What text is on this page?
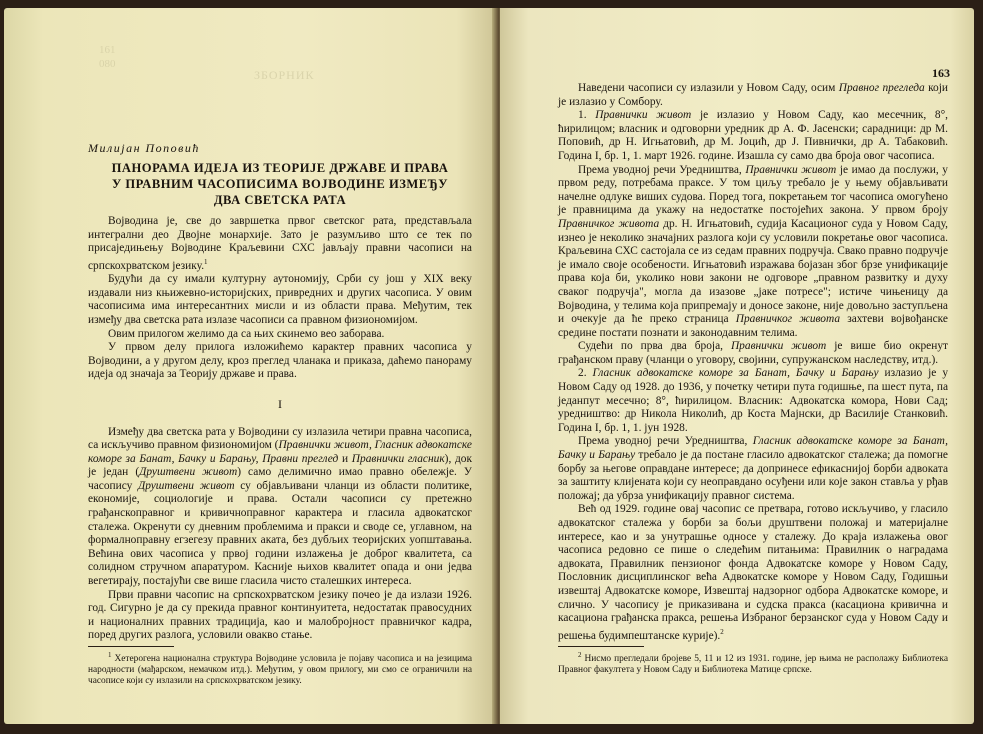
ЗБОРНИК
161
080
Милијан Поповић
ПАНОРАМА ИДЕЈА ИЗ ТЕОРИЈЕ ДРЖАВЕ И ПРАВА
У ПРАВНИМ ЧАСОПИСИМА ВОЈВОДИНЕ ИЗМЕЂУ
ДВА СВЕТСКА РАТА

Војводина је, све до завршетка првог светског рата, представљала интегрални део Двојне монархије. Зато је разумљиво што се тек по присаједињењу Војводине Краљевини СХС јављају правни часописи на српскохрватском језику.$^1$

Будући да су имали културну аутономију, Срби су још у XIX веку издавали низ књижевно-историјских, привредних и других часописа. У овим часописима има интересантних мисли и из области права. Међутим, тек између два светска рата излазе часописи са правном физиономијом.

Овим прилогом желимо да са њих скинемо вео заборава.

У првом делу прилога изложићемо карактер правних часописа у Војводини, а у другом делу, кроз преглед чланака и приказа, дaћемо панораму идеја од значаја за Теорију државе и права.

I

Између два светска рата у Војводини су излазила четири правна часописа, са искључиво правном физиономијом (Правнички живот, Гласник адвокатске коморе за Банат, Бачку и Барању, Правни преглед и Правнички гласник), док је један (Друштвени живот) само делимично имао правно обележје. У часопису Друштвени живот су објављивани чланци из области политике, економије, социологије и права. Остали часописи су претежно грађанскоправног и кривичноправног карактера и гласила адвокатског сталежа. Окренути су дневним проблемима и пракси и своде се, углавном, на формалноправну егзегезу правних аката, без дубљих теоријских уопштавања. Већина ових часописа у првој години излажења је доброг квалитета, са солидном стручном апаратуром. Касније њихов квалитет опада и они једва вегетирају, постајући све више гласила чисто сталешких интереса.

Први правни часопис на српскохрватском језику почео је да излази 1926. год. Сигурно је да су прекида правног континуитета, недостатак правосудних и националних правних традиција, као и малобројност правничког кадра, поред других разлога, условили овакво стање.

$^1$ Хетерогена национална структура Војводине условила је појаву часописа и на језицима народности (мађарском, немачком итд.). Међутим, у овом прилогу, ми смо се ограничили на часописе који су излазили на српскохрватском језику.

163

Наведени часописи су излазили у Новом Саду, осим Правног прегледа који је излазио у Сомбору.

1. Правнички живот је излазио у Новом Саду, као месечник, 8°, ћирилицом; власник и одговорни уредник др А. Ф. Јасенски; сарадници: др М. Поповић, др Н. Игњатовић, др М. Јоцић, др Ј. Пивнички, др А. Табаковић. Година I, бр. 1, 1. март 1926. године. Изашла су само два броја овог часописа.

Према уводној речи Уредништва, Правнички живот је имао да послужи, у првом реду, потребама праксе. У том циљу требало је у њему објављивати начелне одлуке виших судова. Поред тога, покретањем тог часописа омогућено је правницима да укажу на недостатке постојећих закона. У првом броју Правничког живота др. Н. Игњатовић, судија Касационог суда у Новом Саду, изнео је неколико значајних разлога који су условили покретање овог часописа. Краљевина СХС састојала се из седам правних подручја. Свако правно подручје је имало своје особености. Игњатовић изражава бојазан због брзе унификације права која би, уколико нови закони не одговоре „правном развитку и духу сваког подручја", могла да изазове „јаке потресе"; истиче чињеницу да Војводина, у телима која припремају и доносе законе, није довољно заступљена и очекује да ће преко страница Правничког живота захтеви војвођанске средине постати познати и законодавним телима.

Судећи по прва два броја, Правнички живот је више био окренут грађанском праву (чланци о уговору, својини, супружанском наследству, итд.).

2. Гласник адвокатске коморе за Банат, Бачку и Барању излазио је у Новом Саду од 1928. до 1936, у почетку четири пута годишње, па шест пута, па једанпут месечно; 8°, ћирилицом. Власник: Адвокатска комора, Нови Сад; уредништво: др Никола Николић, др Коста Мајнски, др Василије Станковић. Година I, бр. 1, 1. јун 1928.

Према уводној речи Уредништва, Гласник адвокатске коморе за Банат, Бачку и Барању требало је да постане гласило адвокатског сталежа; да помогне борбу за његове оправдане интересе; да допринесе ефикаснијој борби адвоката за заштиту клијената који су неоправдано осуђени или које закон ставља у рђав положај; да убрза унификацију правног система.

Већ од 1929. године овај часопис се претвара, готово искључиво, у гласило адвокатског сталежа у борби за бољи друштвени положај и материјалне интересе, као и за унутрашње односе у сталежу. До краја излажења овог часописа редовно се пише о следећим питањима: Правилник о наградама адвоката, Правилник пензионог фонда Адвокатске коморе у Новом Саду, Пословник дисциплинског већа Адвокатске коморе у Новом Саду, Годишњи извештај Адвокатске коморе, Извештај надзорног одбора Адвокатске коморе, и слично. У часопису је приказивана и судска пракса (касациона кривична и касациона грађанска пракса, решења Избраног берзанског суда у Новом Саду и решења будимпештанске курије).$^2$

$^2$ Нисмо прегледали бројеве 5, 11 и 12 из 1931. године, јер њима не располажу Библиотека Правног факултета у Новом Саду и Библиотека Матице српске.
